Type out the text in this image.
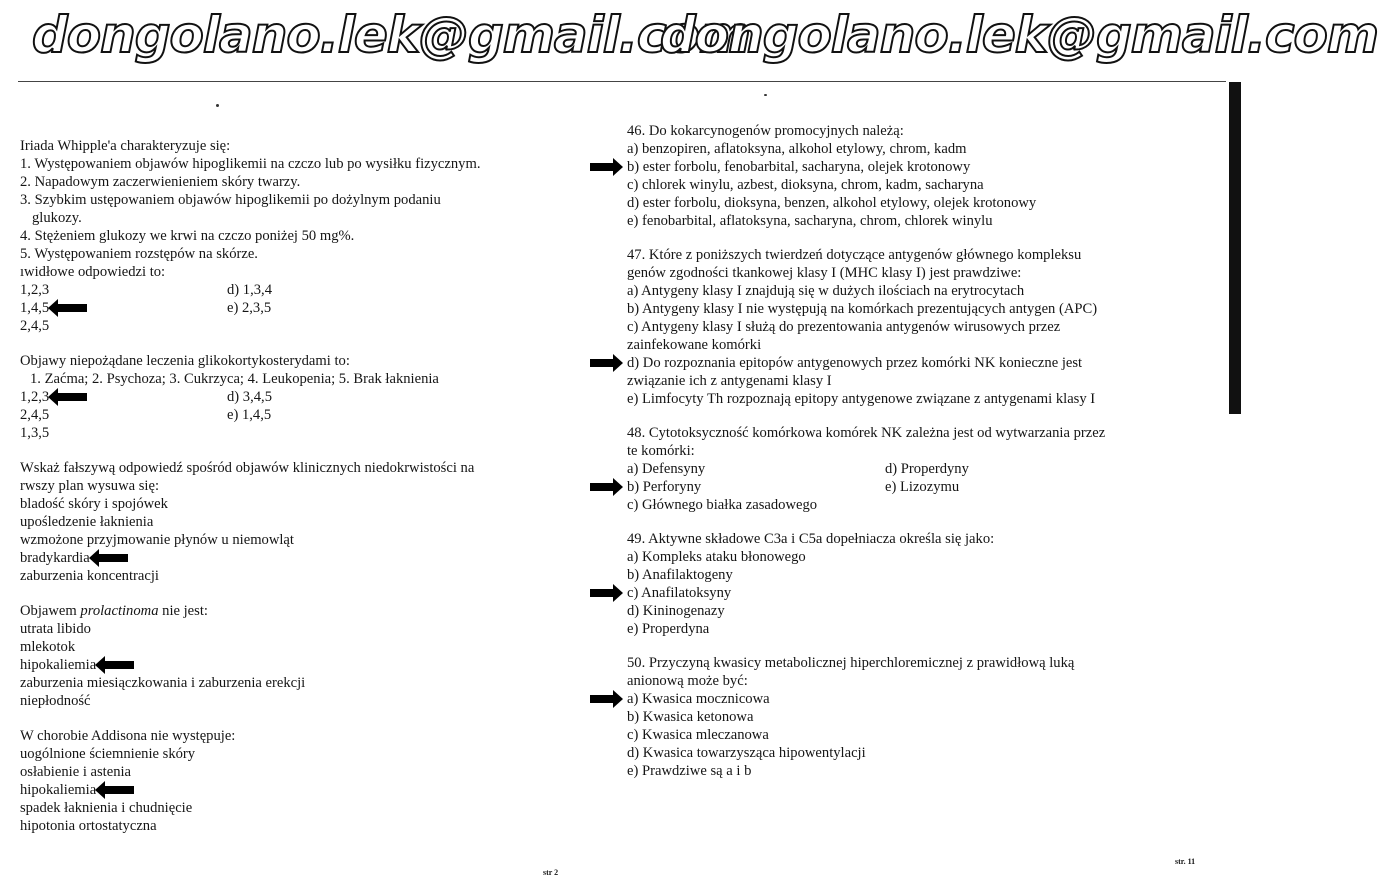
dongolano.lek@gmail.com
dongolano.lek@gmail.com
Iriada Whipple'a charakteryzuje się:
1. Występowaniem objawów hipoglikemii na czczo lub po wysiłku fizycznym.
2. Napadowym zaczerwienieniem skóry twarzy.
3. Szybkim ustępowaniem objawów hipoglikemii po dożylnym podaniu
glukozy.
4. Stężeniem glukozy we krwi na czczo poniżej 50 mg%.
5. Występowaniem rozstępów na skórze.
ıwidłowe odpowiedzi to:
1,2,3	d) 1,3,4
1,4,5	e) 2,3,5
2,4,5
Objawy niepożądane leczenia glikokortykosterydami to:
1. Zaćma; 2. Psychoza; 3. Cukrzyca; 4. Leukopenia; 5. Brak łaknienia
1,2,3	d) 3,4,5
2,4,5	e) 1,4,5
1,3,5
Wskaż fałszywą odpowiedź spośród objawów klinicznych niedokrwistości na
rwszy plan wysuwa się:
bladość skóry i spojówek
upośledzenie łaknienia
wzmożone przyjmowanie płynów u niemowląt
bradykardia
zaburzenia koncentracji
Objawem prolactinoma nie jest:
utrata libido
mlekotok
hipokaliemia
zaburzenia miesiączkowania i zaburzenia erekcji
niepłodność
W chorobie Addisona nie występuje:
uogólnione ściemnienie skóry
osłabienie i astenia
hipokaliemia
spadek łaknienia i chudnięcie
hipotonia ortostatyczna
str 2
46. Do kokarcynogenów promocyjnych należą:
a) benzopiren, aflatoksyna, alkohol etylowy, chrom, kadm
b) ester forbolu, fenobarbital, sacharyna, olejek krotonowy
c) chlorek winylu, azbest, dioksyna, chrom, kadm, sacharyna
d) ester forbolu, dioksyna, benzen, alkohol etylowy, olejek krotonowy
e) fenobarbital, aflatoksyna, sacharyna, chrom, chlorek winylu
47. Które z poniższych twierdzeń dotyczące antygenów głównego kompleksu
genów zgodności tkankowej klasy I (MHC klasy I) jest prawdziwe:
a) Antygeny klasy I znajdują się w dużych ilościach na erytrocytach
b) Antygeny klasy I nie występują na komórkach prezentujących antygen (APC)
c) Antygeny klasy I służą do prezentowania antygenów wirusowych przez
zainfekowane komórki
d) Do rozpoznania epitopów antygenowych przez komórki NK konieczne jest
związanie ich z antygenami klasy I
e) Limfocyty Th rozpoznają epitopy antygenowe związane z antygenami klasy I
48. Cytotoksyczność komórkowa komórek NK zależna jest od wytwarzania przez
te komórki:
a) Defensyny	d) Properdyny
b) Perforyny	e) Lizozymu
c) Głównego białka zasadowego
49. Aktywne składowe C3a i C5a dopełniacza określa się jako:
a) Kompleks ataku błonowego
b) Anafilaktogeny
c) Anafilatoksyny
d) Kininogenazy
e) Properdyna
50. Przyczyną kwasicy metabolicznej hiperchloremicznej z prawidłową luką
anionową może być:
a) Kwasica mocznicowa
b) Kwasica ketonowa
c) Kwasica mleczanowa
d) Kwasica towarzysząca hipowentylacji
e) Prawdziwe są a i b
str. 11
